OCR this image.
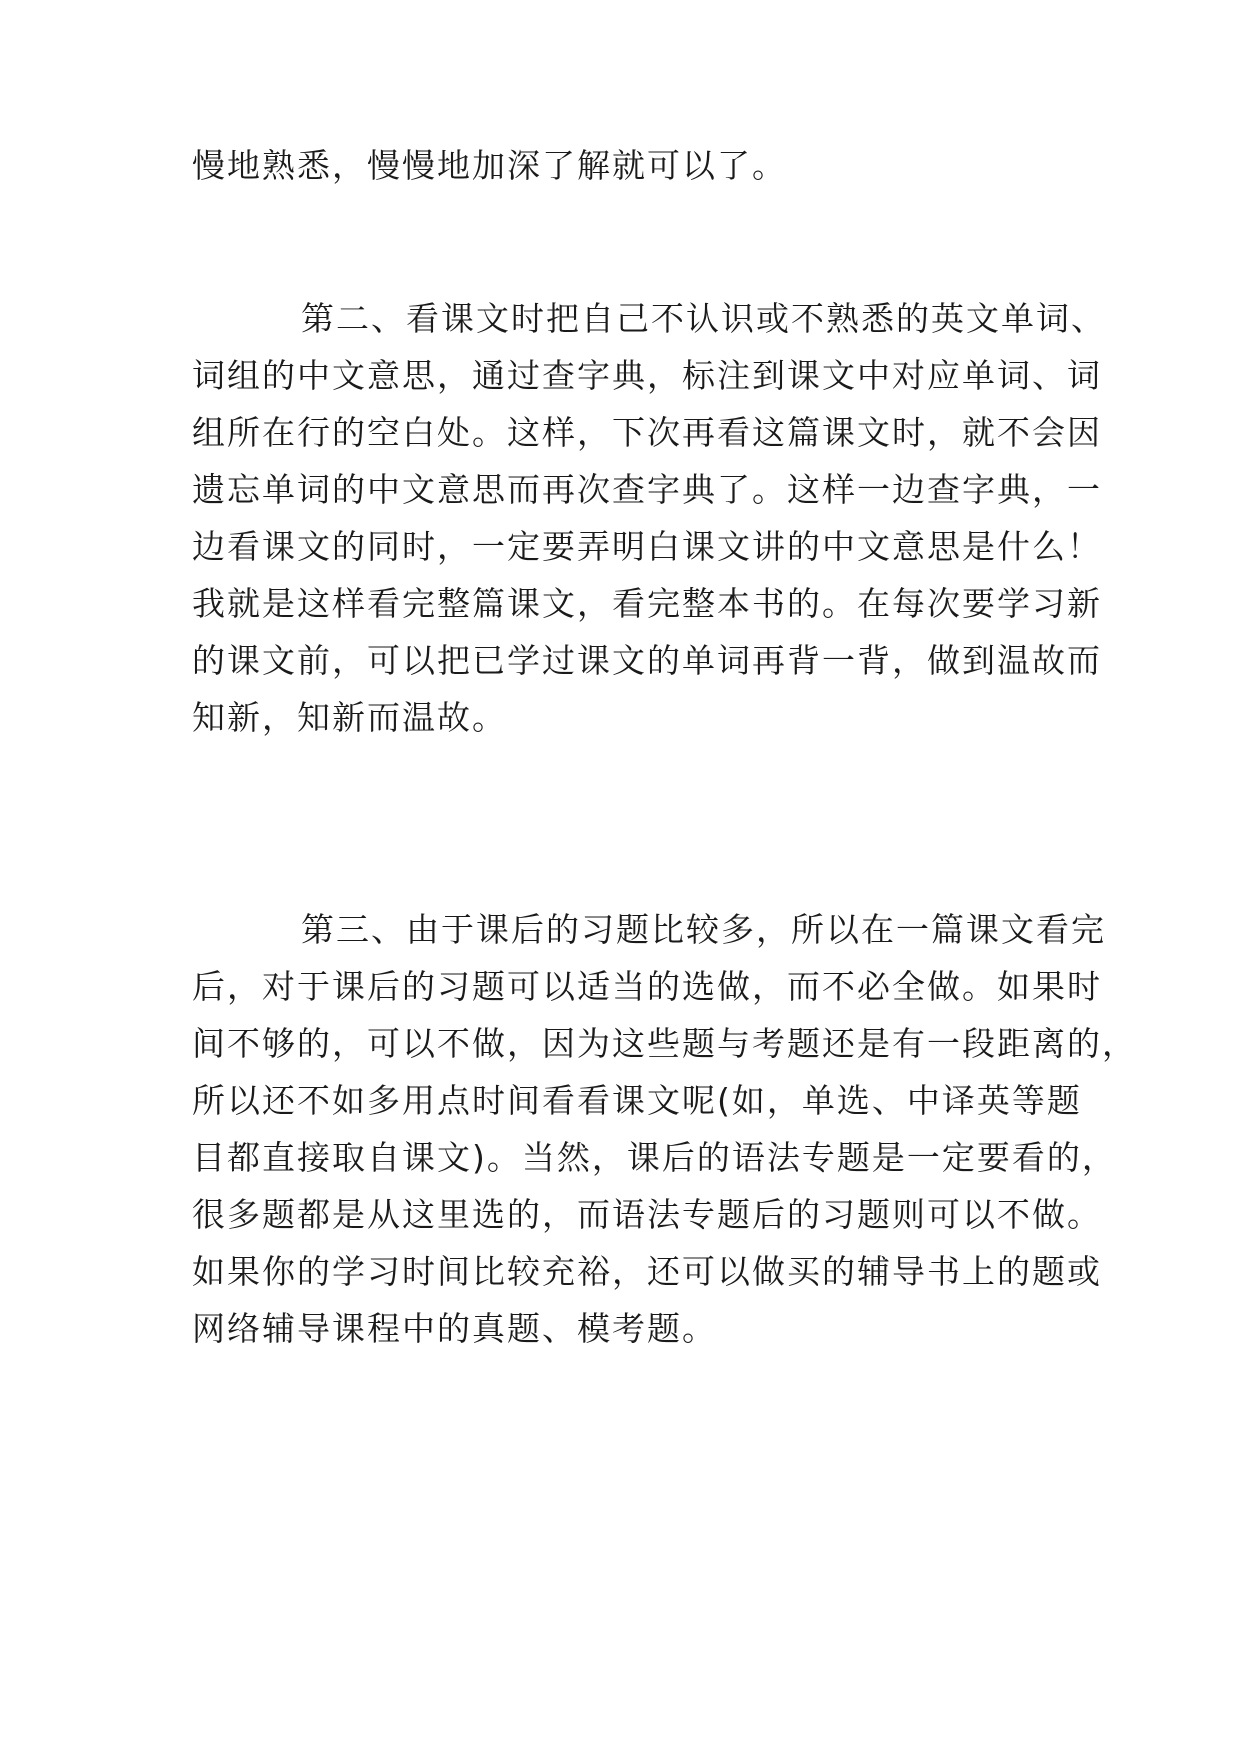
慢地熟悉，慢慢地加深了解就可以了。
第二、看课文时把自己不认识或不熟悉的英文单词、
词组的中文意思，通过查字典，标注到课文中对应单词、词
组所在行的空白处。这样，下次再看这篇课文时，就不会因
遗忘单词的中文意思而再次查字典了。这样一边查字典，一
边看课文的同时，一定要弄明白课文讲的中文意思是什么！
我就是这样看完整篇课文，看完整本书的。在每次要学习新
的课文前，可以把已学过课文的单词再背一背，做到温故而
知新，知新而温故。
第三、由于课后的习题比较多，所以在一篇课文看完
后，对于课后的习题可以适当的选做，而不必全做。如果时
间不够的，可以不做，因为这些题与考题还是有一段距离的，
所以还不如多用点时间看看课文呢(如，单选、中译英等题
目都直接取自课文)。当然，课后的语法专题是一定要看的，
很多题都是从这里选的，而语法专题后的习题则可以不做。
如果你的学习时间比较充裕，还可以做买的辅导书上的题或
网络辅导课程中的真题、模考题。
